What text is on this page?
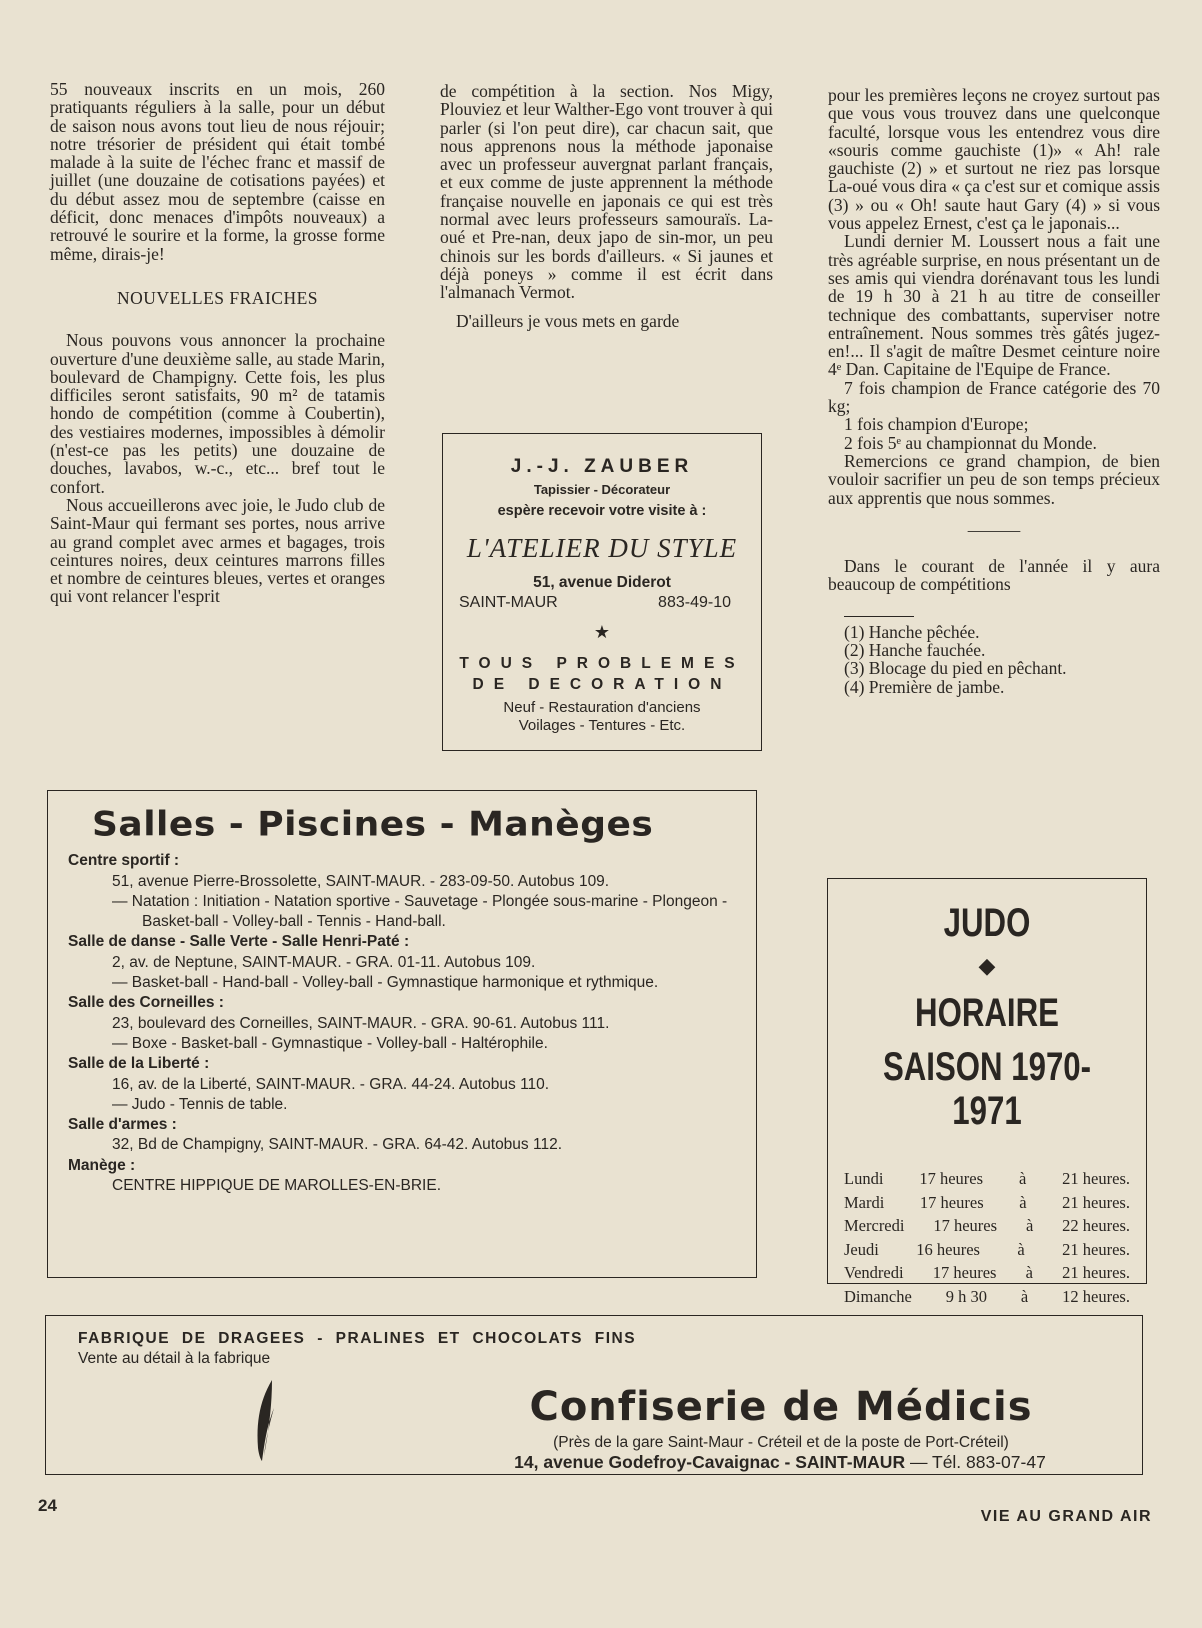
55 nouveaux inscrits en un mois, 260 pratiquants réguliers à la salle, pour un début de saison nous avons tout lieu de nous réjouir; notre trésorier de président qui était tombé malade à la suite de l'échec franc et massif de juillet (une douzaine de cotisations payées) et du début assez mou de septembre (caisse en déficit, donc menaces d'impôts nouveaux) a retrouvé le sourire et la forme, la grosse forme même, dirais-je!

NOUVELLES FRAICHES

Nous pouvons vous annoncer la prochaine ouverture d'une deuxième salle, au stade Marin, boulevard de Champigny. Cette fois, les plus difficiles seront satisfaits, 90 m² de tatamis hondo de compétition (comme à Coubertin), des vestiaires modernes, impossibles à démolir (n'est-ce pas les petits) une douzaine de douches, lavabos, w.-c., etc... bref tout le confort.

Nous accueillerons avec joie, le Judo club de Saint-Maur qui fermant ses portes, nous arrive au grand complet avec armes et bagages, trois ceintures noires, deux ceintures marrons filles et nombre de ceintures bleues, vertes et oranges qui vont relancer l'esprit

de compétition à la section. Nos Migy, Plouviez et leur Walther-Ego vont trouver à qui parler (si l'on peut dire), car chacun sait, que nous apprenons nous la méthode japonaise avec un professeur auvergnat parlant français, et eux comme de juste apprennent la méthode française nouvelle en japonais ce qui est très normal avec leurs professeurs samouraïs. La-oué et Pre-nan, deux japo de sin-mor, un peu chinois sur les bords d'ailleurs. « Si jaunes et déjà poneys » comme il est écrit dans l'almanach Vermot.

D'ailleurs je vous mets en garde

J.-J. ZAUBER
Tapissier - Décorateur
espère recevoir votre visite à :
L'ATELIER DU STYLE
51, avenue Diderot
SAINT-MAUR	883-49-10
★
TOUS PROBLEMES
DE DECORATION
Neuf - Restauration d'anciens
Voilages - Tentures - Etc.

pour les premières leçons ne croyez surtout pas que vous vous trouvez dans une quelconque faculté, lorsque vous les entendrez vous dire «souris comme gauchiste (1)» « Ah! rale gauchiste (2) » et surtout ne riez pas lorsque La-oué vous dira « ça c'est sur et comique assis (3) » ou « Oh! saute haut Gary (4) » si vous vous appelez Ernest, c'est ça le japonais...

Lundi dernier M. Loussert nous a fait une très agréable surprise, en nous présentant un de ses amis qui viendra dorénavant tous les lundi de 19 h 30 à 21 h au titre de conseiller technique des combattants, superviser notre entraînement. Nous sommes très gâtés jugez-en!... Il s'agit de maître Desmet ceinture noire 4ᵉ Dan. Capitaine de l'Equipe de France.

7 fois champion de France catégorie des 70 kg;

1 fois champion d'Europe;

2 fois 5ᵉ au championnat du Monde.

Remercions ce grand champion, de bien vouloir sacrifier un peu de son temps précieux aux apprentis que nous sommes.

———

Dans le courant de l'année il y aura beaucoup de compétitions

(1) Hanche pêchée.

(2) Hanche fauchée.

(3) Blocage du pied en pêchant.

(4) Première de jambe.

Salles - Piscines - Manèges

Centre sportif :

51, avenue Pierre-Brossolette, SAINT-MAUR. - 283-09-50. Autobus 109.

— Natation : Initiation - Natation sportive - Sauvetage - Plongée sous-marine - Plongeon - Basket-ball - Volley-ball - Tennis - Hand-ball.

Salle de danse - Salle Verte - Salle Henri-Paté :

2, av. de Neptune, SAINT-MAUR. - GRA. 01-11. Autobus 109.

— Basket-ball - Hand-ball - Volley-ball - Gymnastique harmonique et rythmique.

Salle des Corneilles :

23, boulevard des Corneilles, SAINT-MAUR. - GRA. 90-61. Autobus 111.

— Boxe - Basket-ball - Gymnastique - Volley-ball - Haltérophile.

Salle de la Liberté :

16, av. de la Liberté, SAINT-MAUR. - GRA. 44-24. Autobus 110.

— Judo - Tennis de table.

Salle d'armes :

32, Bd de Champigny, SAINT-MAUR. - GRA. 64-42. Autobus 112.

Manège :

CENTRE HIPPIQUE DE MAROLLES-EN-BRIE.

JUDO
◆
HORAIRE
SAISON 1970-1971
Lundi 17 heures à 21 heures.
Mardi 17 heures à 21 heures.
Mercredi 17 heures à 22 heures.
Jeudi 16 heures à 21 heures.
Vendredi 17 heures à 21 heures.
Dimanche 9 h 30 à 12 heures.
FABRIQUE DE DRAGEES - PRALINES ET CHOCOLATS FINS
Vente au détail à la fabrique
Confiserie de Médicis
(Près de la gare Saint-Maur - Créteil et de la poste de Port-Créteil)
14, avenue Godefroy-Cavaignac - SAINT-MAUR — Tél. 883-07-47
24
VIE AU GRAND AIR
